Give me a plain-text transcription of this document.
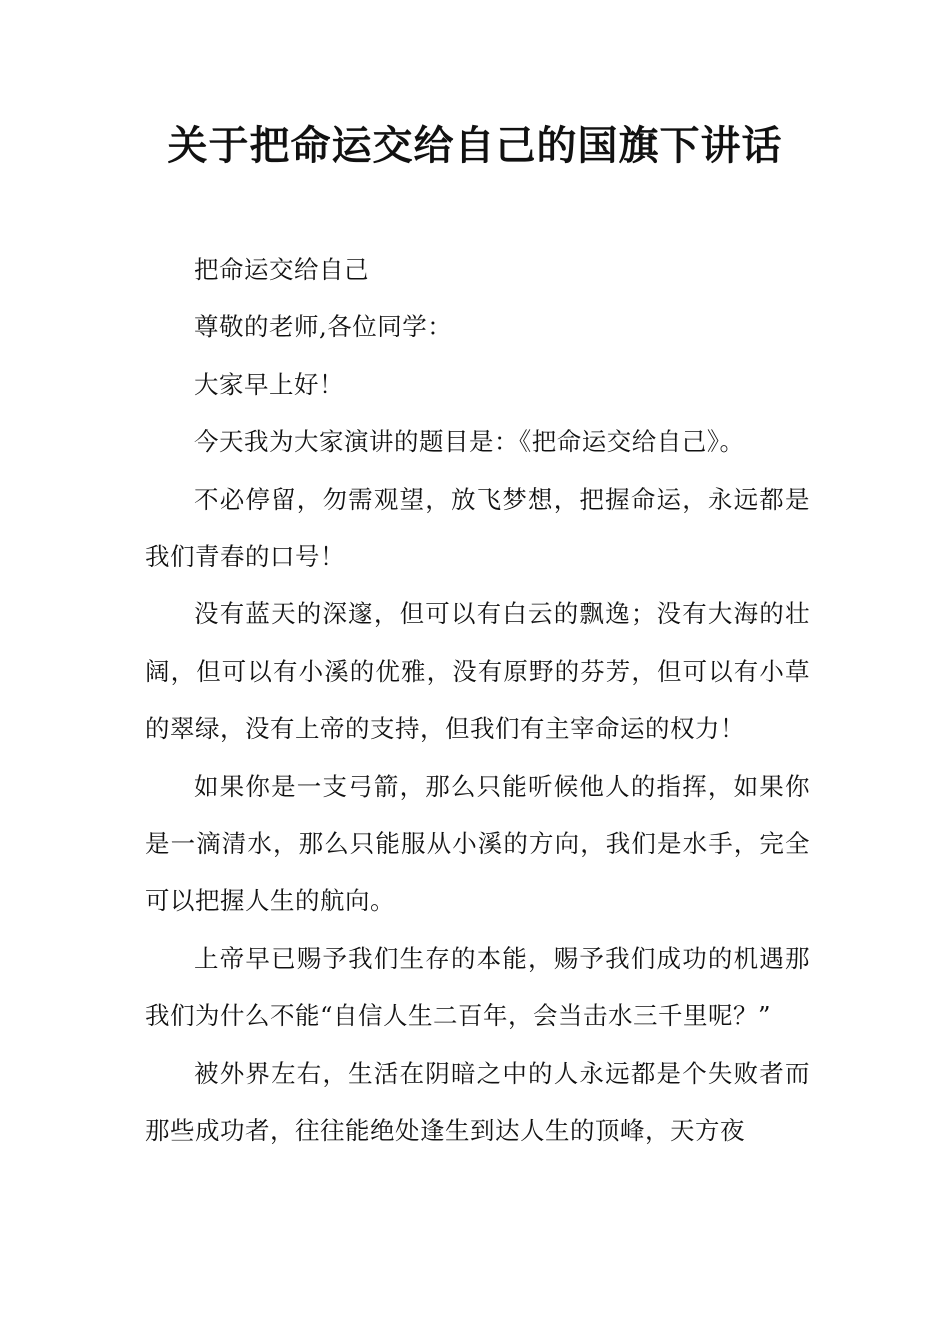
关于把命运交给自己的国旗下讲话

把命运交给自己

尊敬的老师,各位同学：

大家早上好！

今天我为大家演讲的题目是：《把命运交给自己》。

不必停留，勿需观望，放飞梦想，把握命运，永远都是我们青春的口号！

没有蓝天的深邃，但可以有白云的飘逸；没有大海的壮阔，但可以有小溪的优雅，没有原野的芬芳，但可以有小草的翠绿，没有上帝的支持，但我们有主宰命运的权力！

如果你是一支弓箭，那么只能听候他人的指挥，如果你是一滴清水，那么只能服从小溪的方向，我们是水手，完全可以把握人生的航向。

上帝早已赐予我们生存的本能，赐予我们成功的机遇那我们为什么不能“自信人生二百年，会当击水三千里呢？”

被外界左右，生活在阴暗之中的人永远都是个失败者而那些成功者，往往能绝处逢生到达人生的顶峰，天方夜
